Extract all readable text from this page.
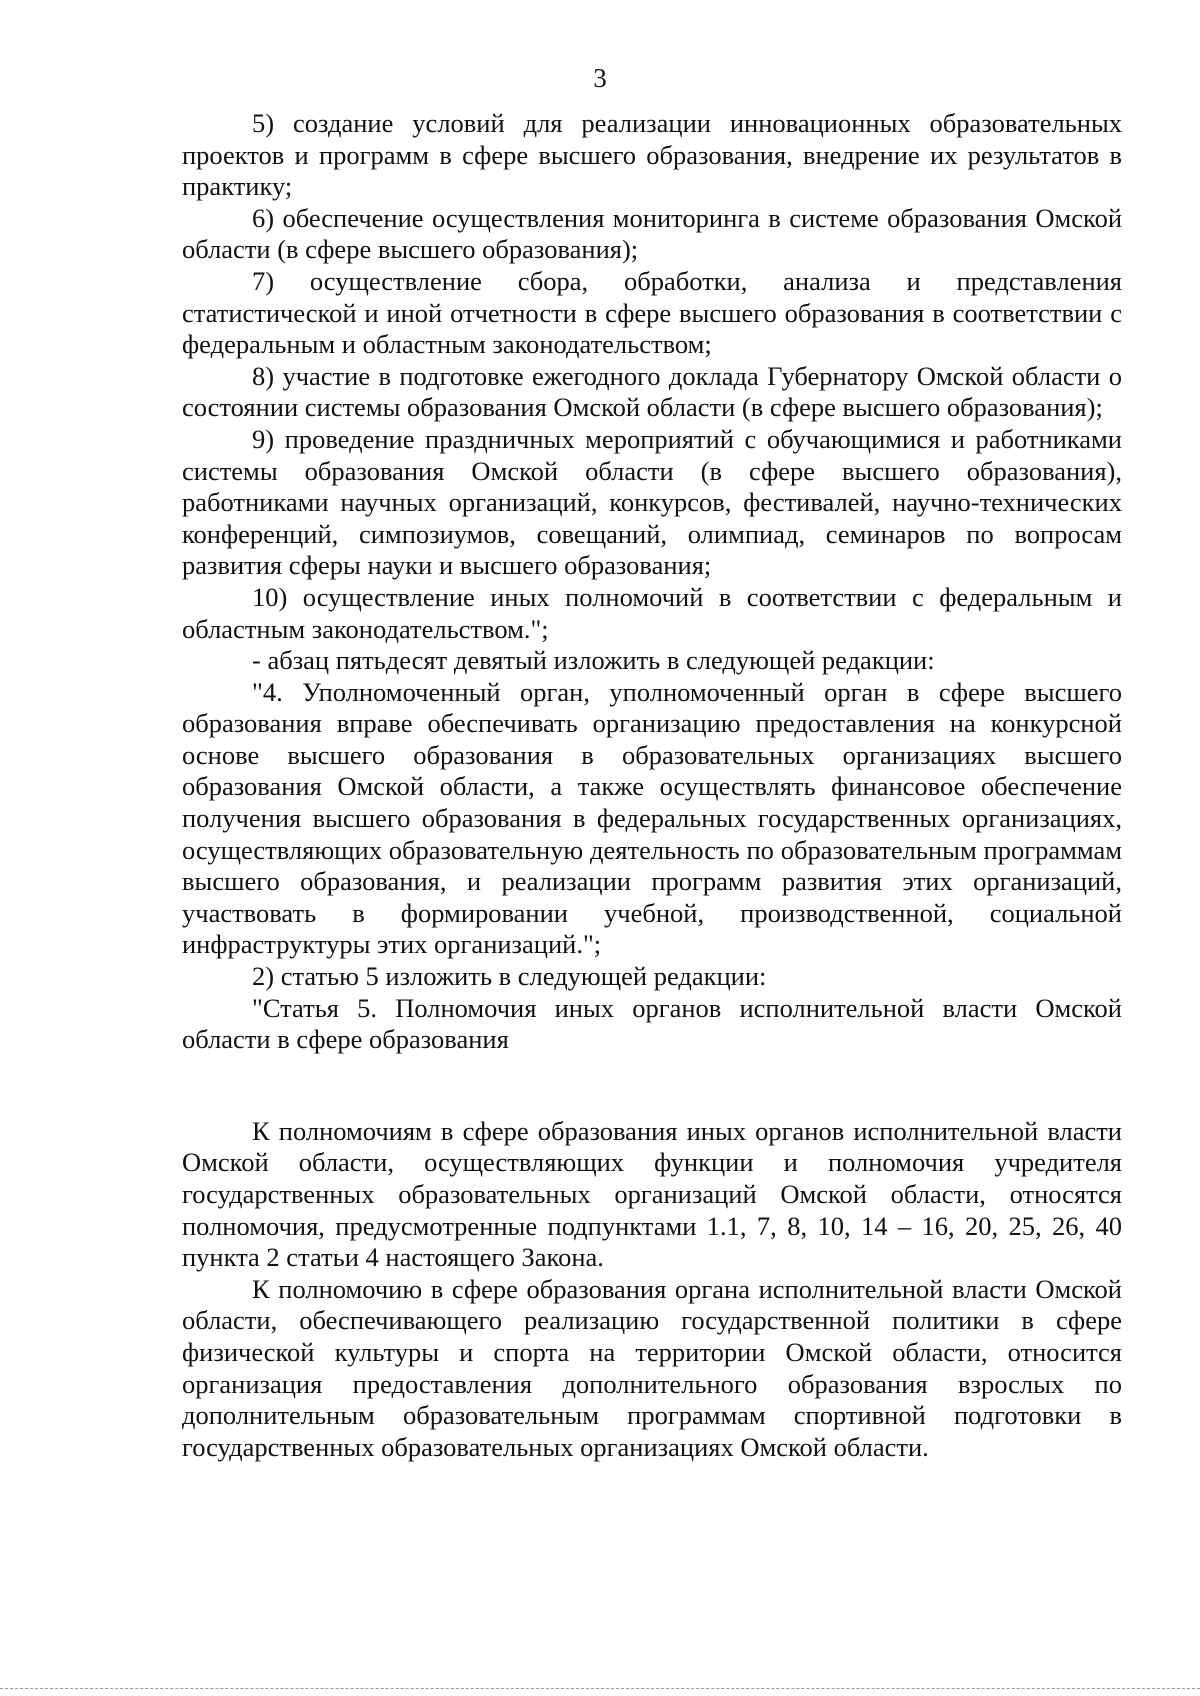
3

5) создание условий для реализации инновационных образовательных проектов и программ в сфере высшего образования, внедрение их результатов в практику;

6) обеспечение осуществления мониторинга в системе образования Омской области (в сфере высшего образования);

7) осуществление сбора, обработки, анализа и представления статистической и иной отчетности в сфере высшего образования в соответствии с федеральным и областным законодательством;

8) участие в подготовке ежегодного доклада Губернатору Омской области о состоянии системы образования Омской области (в сфере высшего образования);

9) проведение праздничных мероприятий с обучающимися и работниками системы образования Омской области (в сфере высшего образования), работниками научных организаций, конкурсов, фестивалей, научно-технических конференций, симпозиумов, совещаний, олимпиад, семинаров по вопросам развития сферы науки и высшего образования;

10) осуществление иных полномочий в соответствии с федеральным и областным законодательством.";

- абзац пятьдесят девятый изложить в следующей редакции:

"4. Уполномоченный орган, уполномоченный орган в сфере высшего образования вправе обеспечивать организацию предоставления на конкурсной основе высшего образования в образовательных организациях высшего образования Омской области, а также осуществлять финансовое обеспечение получения высшего образования в федеральных государственных организациях, осуществляющих образовательную деятельность по образовательным программам высшего образования, и реализации программ развития этих организаций, участвовать в формировании учебной, производственной, социальной инфраструктуры этих организаций.";

2) статью 5 изложить в следующей редакции:

"Статья 5. Полномочия иных органов исполнительной власти Омской области в сфере образования

К полномочиям в сфере образования иных органов исполнительной власти Омской области, осуществляющих функции и полномочия учредителя государственных образовательных организаций Омской области, относятся полномочия, предусмотренные подпунктами 1.1, 7, 8, 10, 14 – 16, 20, 25, 26, 40 пункта 2 статьи 4 настоящего Закона.

К полномочию в сфере образования органа исполнительной власти Омской области, обеспечивающего реализацию государственной политики в сфере физической культуры и спорта на территории Омской области, относится организация предоставления дополнительного образования взрослых по дополнительным образовательным программам спортивной подготовки в государственных образовательных организациях Омской области.
